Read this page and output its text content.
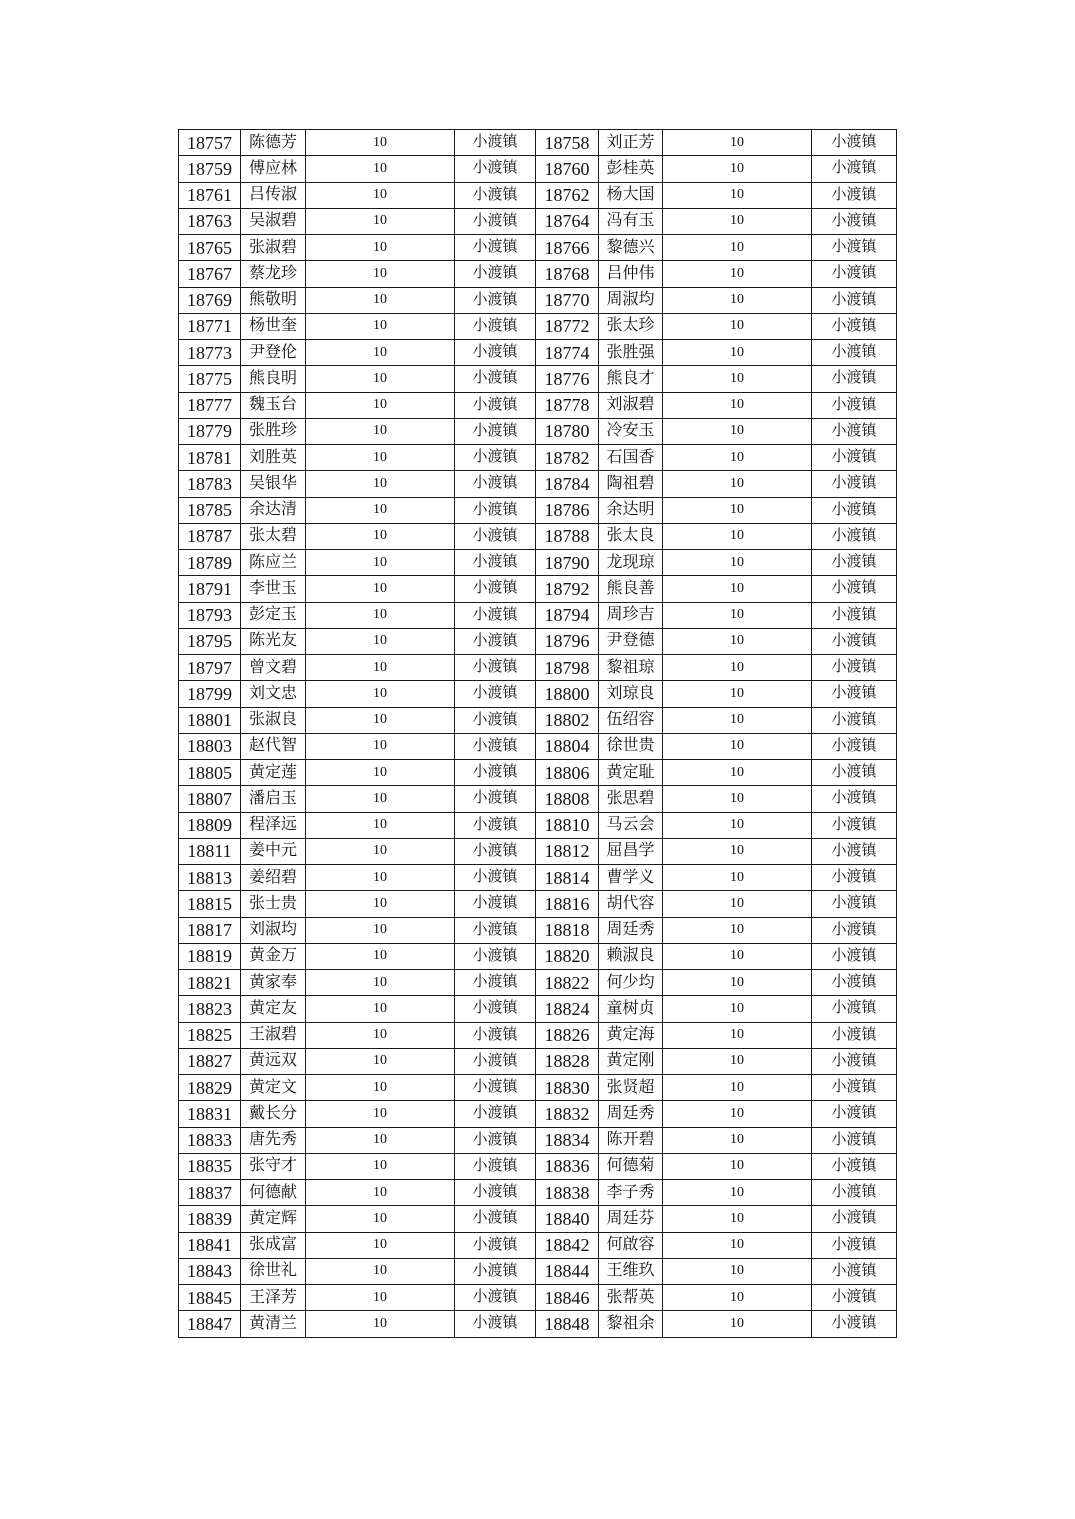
18757	陈德芳	10	小渡镇	18758	刘正芳	10	小渡镇
18759	傅应林	10	小渡镇	18760	彭桂英	10	小渡镇
18761	吕传淑	10	小渡镇	18762	杨大国	10	小渡镇
18763	吴淑碧	10	小渡镇	18764	冯有玉	10	小渡镇
18765	张淑碧	10	小渡镇	18766	黎德兴	10	小渡镇
18767	蔡龙珍	10	小渡镇	18768	吕仲伟	10	小渡镇
18769	熊敬明	10	小渡镇	18770	周淑均	10	小渡镇
18771	杨世奎	10	小渡镇	18772	张太珍	10	小渡镇
18773	尹登伦	10	小渡镇	18774	张胜强	10	小渡镇
18775	熊良明	10	小渡镇	18776	熊良才	10	小渡镇
18777	魏玉台	10	小渡镇	18778	刘淑碧	10	小渡镇
18779	张胜珍	10	小渡镇	18780	冷安玉	10	小渡镇
18781	刘胜英	10	小渡镇	18782	石国香	10	小渡镇
18783	吴银华	10	小渡镇	18784	陶祖碧	10	小渡镇
18785	余达清	10	小渡镇	18786	余达明	10	小渡镇
18787	张太碧	10	小渡镇	18788	张太良	10	小渡镇
18789	陈应兰	10	小渡镇	18790	龙现琼	10	小渡镇
18791	李世玉	10	小渡镇	18792	熊良善	10	小渡镇
18793	彭定玉	10	小渡镇	18794	周珍吉	10	小渡镇
18795	陈光友	10	小渡镇	18796	尹登德	10	小渡镇
18797	曾文碧	10	小渡镇	18798	黎祖琼	10	小渡镇
18799	刘文忠	10	小渡镇	18800	刘琼良	10	小渡镇
18801	张淑良	10	小渡镇	18802	伍绍容	10	小渡镇
18803	赵代智	10	小渡镇	18804	徐世贵	10	小渡镇
18805	黄定莲	10	小渡镇	18806	黄定耻	10	小渡镇
18807	潘启玉	10	小渡镇	18808	张思碧	10	小渡镇
18809	程泽远	10	小渡镇	18810	马云会	10	小渡镇
18811	姜中元	10	小渡镇	18812	屈昌学	10	小渡镇
18813	姜绍碧	10	小渡镇	18814	曹学义	10	小渡镇
18815	张士贵	10	小渡镇	18816	胡代容	10	小渡镇
18817	刘淑均	10	小渡镇	18818	周廷秀	10	小渡镇
18819	黄金万	10	小渡镇	18820	赖淑良	10	小渡镇
18821	黄家奉	10	小渡镇	18822	何少均	10	小渡镇
18823	黄定友	10	小渡镇	18824	童树贞	10	小渡镇
18825	王淑碧	10	小渡镇	18826	黄定海	10	小渡镇
18827	黄远双	10	小渡镇	18828	黄定刚	10	小渡镇
18829	黄定文	10	小渡镇	18830	张贤超	10	小渡镇
18831	戴长分	10	小渡镇	18832	周廷秀	10	小渡镇
18833	唐先秀	10	小渡镇	18834	陈开碧	10	小渡镇
18835	张守才	10	小渡镇	18836	何德菊	10	小渡镇
18837	何德献	10	小渡镇	18838	李子秀	10	小渡镇
18839	黄定辉	10	小渡镇	18840	周廷芬	10	小渡镇
18841	张成富	10	小渡镇	18842	何啟容	10	小渡镇
18843	徐世礼	10	小渡镇	18844	王维玖	10	小渡镇
18845	王泽芳	10	小渡镇	18846	张帮英	10	小渡镇
18847	黄清兰	10	小渡镇	18848	黎祖余	10	小渡镇
